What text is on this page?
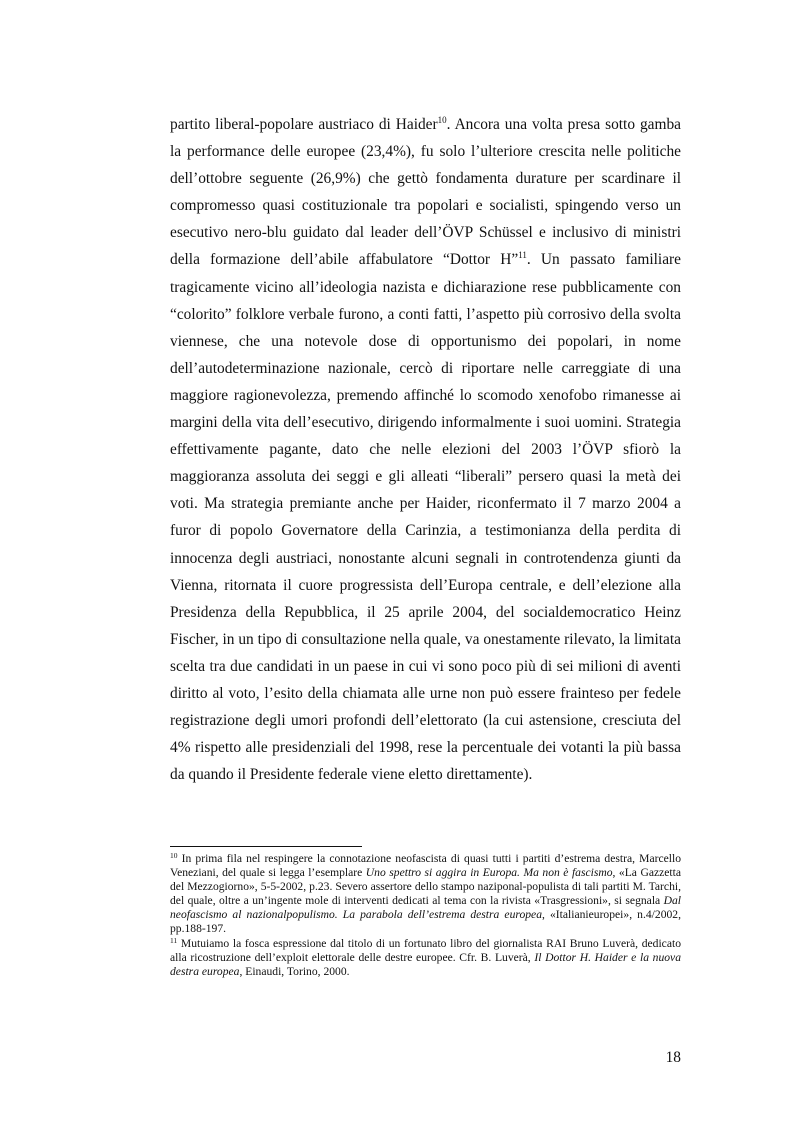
partito liberal-popolare austriaco di Haider$^{10}$. Ancora una volta presa sotto gamba la performance delle europee (23,4%), fu solo l’ulteriore crescita nelle politiche dell’ottobre seguente (26,9%) che gettò fondamenta durature per scardinare il compromesso quasi costituzionale tra popolari e socialisti, spingendo verso un esecutivo nero-blu guidato dal leader dell’ÖVP Schüssel e inclusivo di ministri della formazione dell’abile affabulatore “Dottor H”$^{11}$. Un passato familiare tragicamente vicino all’ideologia nazista e dichiarazione rese pubblicamente con “colorito” folklore verbale furono, a conti fatti, l’aspetto più corrosivo della svolta viennese, che una notevole dose di opportunismo dei popolari, in nome dell’autodeterminazione nazionale, cercò di riportare nelle carreggiate di una maggiore ragionevolezza, premendo affinché lo scomodo xenofobo rimanesse ai margini della vita dell’esecutivo, dirigendo informalmente i suoi uomini. Strategia effettivamente pagante, dato che nelle elezioni del 2003 l’ÖVP sfiorò la maggioranza assoluta dei seggi e gli alleati “liberali” persero quasi la metà dei voti. Ma strategia premiante anche per Haider, riconfermato il 7 marzo 2004 a furor di popolo Governatore della Carinzia, a testimonianza della perdita di innocenza degli austriaci, nonostante alcuni segnali in controtendenza giunti da Vienna, ritornata il cuore progressista dell’Europa centrale, e dell’elezione alla Presidenza della Repubblica, il 25 aprile 2004, del socialdemocratico Heinz Fischer, in un tipo di consultazione nella quale, va onestamente rilevato, la limitata scelta tra due candidati in un paese in cui vi sono poco più di sei milioni di aventi diritto al voto, l’esito della chiamata alle urne non può essere frainteso per fedele registrazione degli umori profondi dell’elettorato (la cui astensione, cresciuta del 4% rispetto alle presidenziali del 1998, rese la percentuale dei votanti la più bassa da quando il Presidente federale viene eletto direttamente).

$^{10}$ In prima fila nel respingere la connotazione neofascista di quasi tutti i partiti d’estrema destra, Marcello Veneziani, del quale si legga l’esemplare Uno spettro si aggira in Europa. Ma non è fascismo, «La Gazzetta del Mezzogiorno», 5-5-2002, p.23. Severo assertore dello stampo naziponal-populista di tali partiti M. Tarchi, del quale, oltre a un’ingente mole di interventi dedicati al tema con la rivista «Trasgressioni», si segnala Dal neofascismo al nazionalpopulismo. La parabola dell’estrema destra europea, «Italianieuropei», n.4/2002, pp.188-197.

$^{11}$ Mutuiamo la fosca espressione dal titolo di un fortunato libro del giornalista RAI Bruno Luverà, dedicato alla ricostruzione dell’exploit elettorale delle destre europee. Cfr. B. Luverà, Il Dottor H. Haider e la nuova destra europea, Einaudi, Torino, 2000.

18
